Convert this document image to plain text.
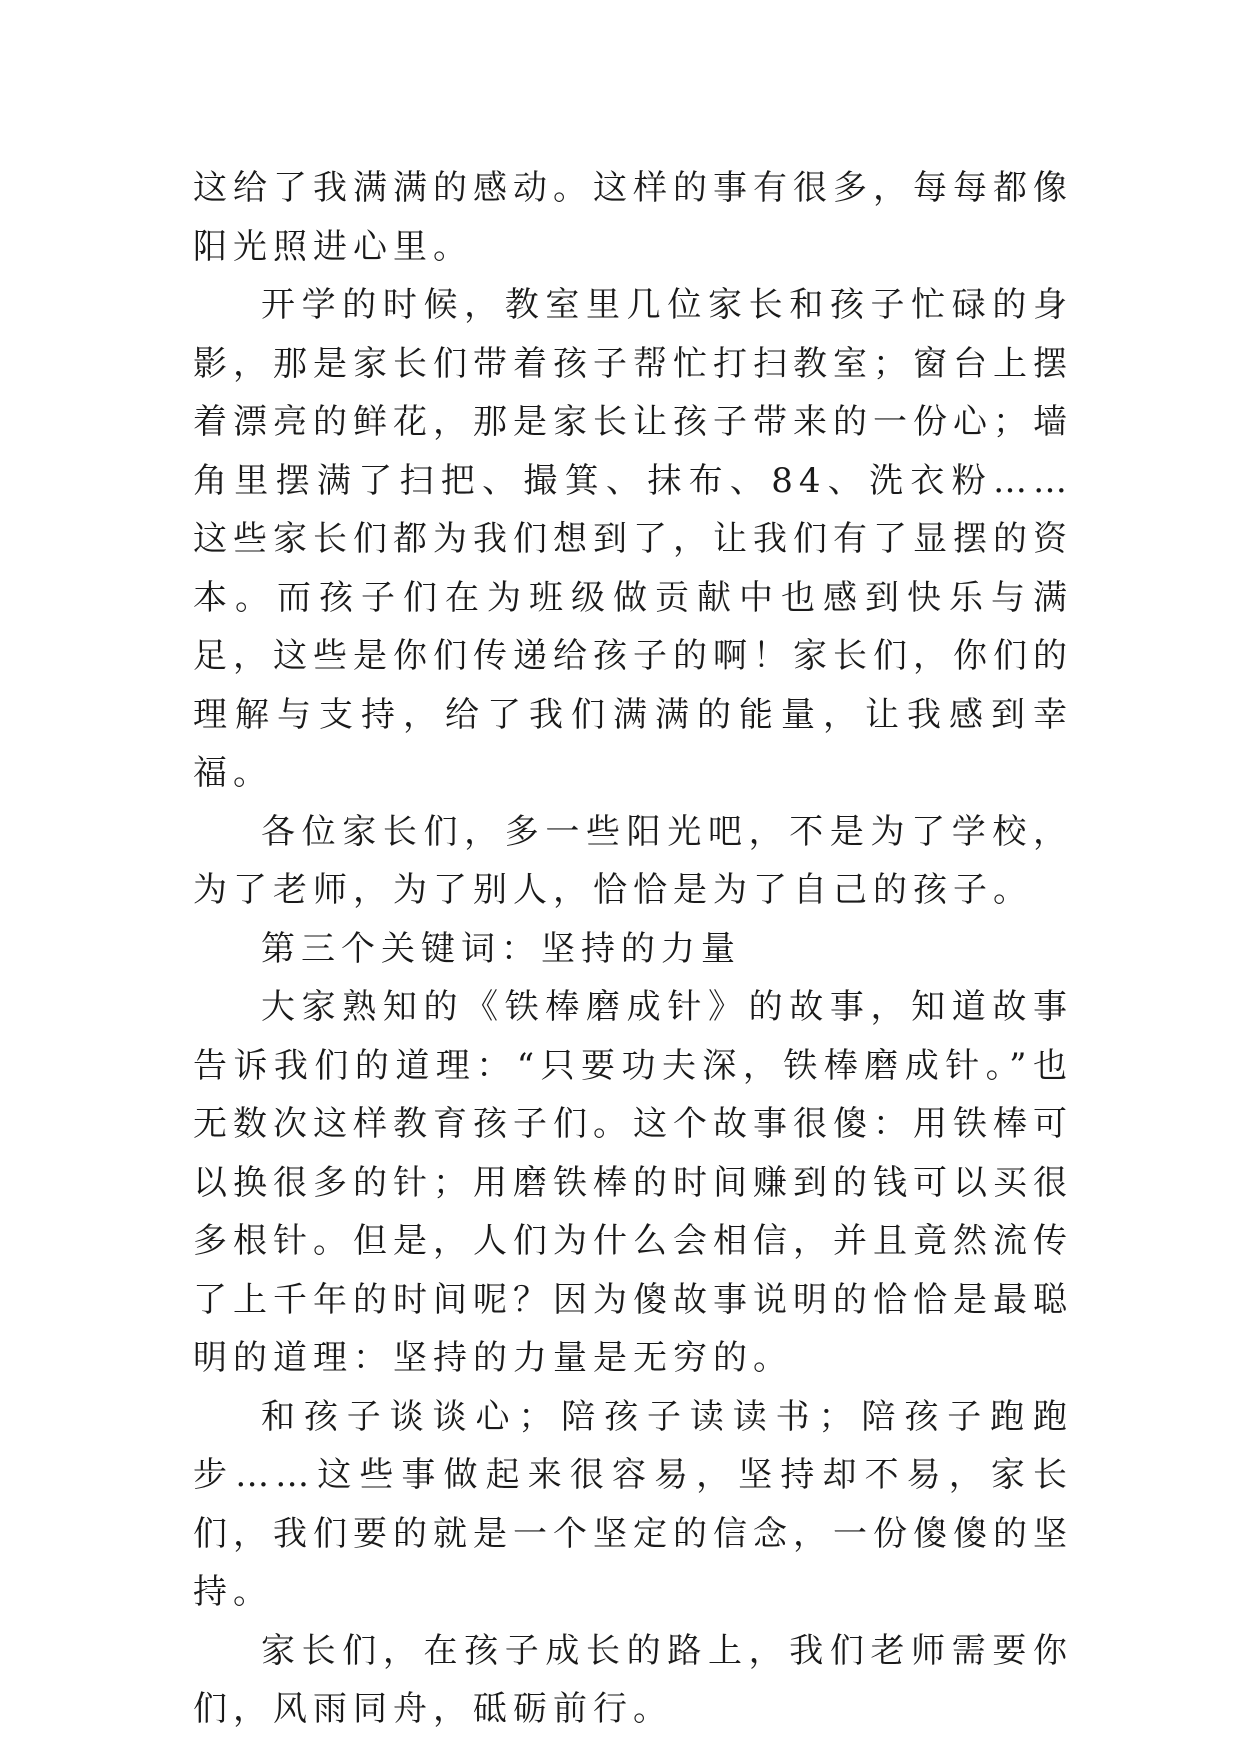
这给了我满满的感动。这样的事有很多，每每都像阳光照进心里。

开学的时候，教室里几位家长和孩子忙碌的身影，那是家长们带着孩子帮忙打扫教室；窗台上摆着漂亮的鲜花，那是家长让孩子带来的一份心；墙角里摆满了扫把、撮箕、抹布、84、洗衣粉……这些家长们都为我们想到了，让我们有了显摆的资本。而孩子们在为班级做贡献中也感到快乐与满足，这些是你们传递给孩子的啊！家长们，你们的理解与支持，给了我们满满的能量，让我感到幸福。

各位家长们，多一些阳光吧，不是为了学校，为了老师，为了别人，恰恰是为了自己的孩子。

第三个关键词：坚持的力量

大家熟知的《铁棒磨成针》的故事，知道故事告诉我们的道理：“只要功夫深，铁棒磨成针。”也无数次这样教育孩子们。这个故事很傻：用铁棒可以换很多的针；用磨铁棒的时间赚到的钱可以买很多根针。但是，人们为什么会相信，并且竟然流传了上千年的时间呢？因为傻故事说明的恰恰是最聪明的道理：坚持的力量是无穷的。

和孩子谈谈心；陪孩子读读书；陪孩子跑跑步……这些事做起来很容易，坚持却不易，家长们，我们要的就是一个坚定的信念，一份傻傻的坚持。

家长们，在孩子成长的路上，我们老师需要你们，风雨同舟，砥砺前行。
